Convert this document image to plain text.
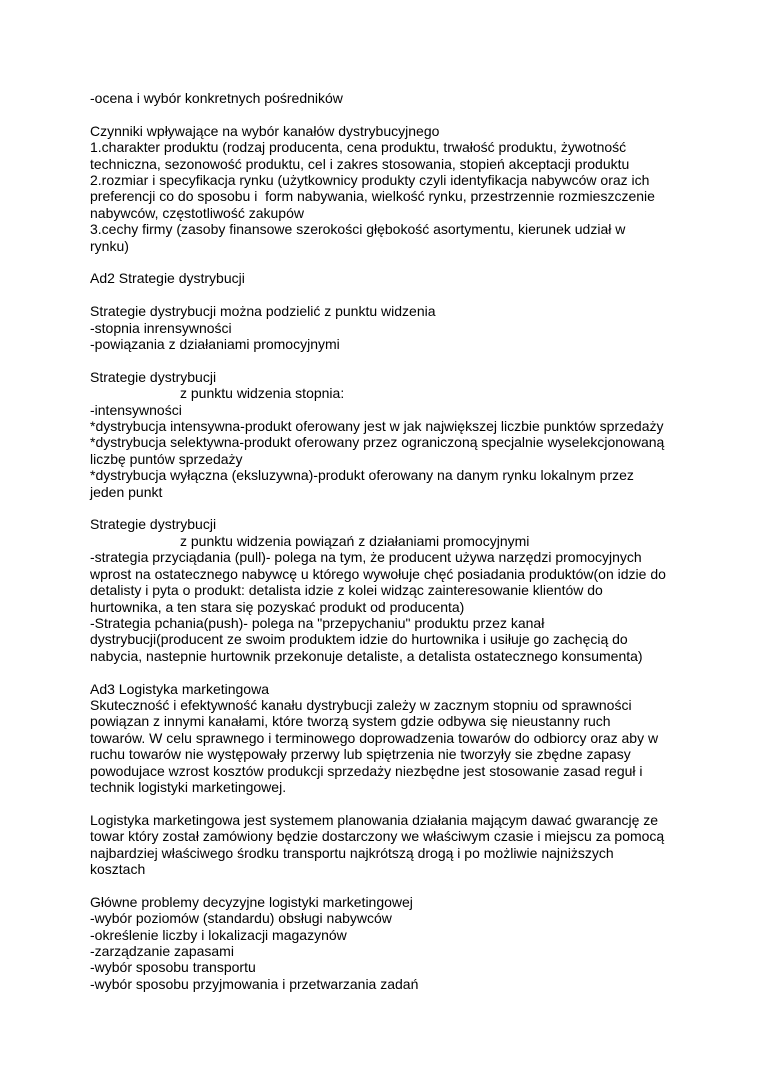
-ocena i wybór konkretnych pośredników

Czynniki wpływające na wybór kanałów dystrybucyjnego

1.charakter produktu (rodzaj producenta, cena produktu, trwałość produktu, żywotność

techniczna, sezonowość produktu, cel i zakres stosowania, stopień akceptacji produktu

2.rozmiar i specyfikacja rynku (użytkownicy produkty czyli identyfikacja nabywców oraz ich

preferencji co do sposobu i  form nabywania, wielkość rynku, przestrzennie rozmieszczenie

nabywców, częstotliwość zakupów

3.cechy firmy (zasoby finansowe szerokości głębokość asortymentu, kierunek udział w

rynku)

Ad2 Strategie dystrybucji

Strategie dystrybucji można podzielić z punktu widzenia

-stopnia inrensywności

-powiązania z działaniami promocyjnymi

Strategie dystrybucji

z punktu widzenia stopnia:

-intensywności

*dystrybucja intensywna-produkt oferowany jest w jak największej liczbie punktów sprzedaży

*dystrybucja selektywna-produkt oferowany przez ograniczoną specjalnie wyselekcjonowaną

liczbę puntów sprzedaży

*dystrybucja wyłączna (eksluzywna)-produkt oferowany na danym rynku lokalnym przez

jeden punkt

Strategie dystrybucji

z punktu widzenia powiązań z działaniami promocyjnymi

-strategia przyciądania (pull)- polega na tym, że producent używa narzędzi promocyjnych

wprost na ostatecznego nabywcę u którego wywołuje chęć posiadania produktów(on idzie do

detalisty i pyta o produkt: detalista idzie z kolei widząc zainteresowanie klientów do

hurtownika, a ten stara się pozyskać produkt od producenta)

-Strategia pchania(push)- polega na "przepychaniu" produktu przez kanał

dystrybucji(producent ze swoim produktem idzie do hurtownika i usiłuje go zachęcią do

nabycia, nastepnie hurtownik przekonuje detaliste, a detalista ostatecznego konsumenta)

Ad3 Logistyka marketingowa

Skuteczność i efektywność kanału dystrybucji zależy w zacznym stopniu od sprawności

powiązan z innymi kanałami, które tworzą system gdzie odbywa się nieustanny ruch

towarów. W celu sprawnego i terminowego doprowadzenia towarów do odbiorcy oraz aby w

ruchu towarów nie występowały przerwy lub spiętrzenia nie tworzyły sie zbędne zapasy

powodujace wzrost kosztów produkcji sprzedaży niezbędne jest stosowanie zasad reguł i

technik logistyki marketingowej.

Logistyka marketingowa jest systemem planowania działania mającym dawać gwarancję ze

towar który został zamówiony będzie dostarczony we właściwym czasie i miejscu za pomocą

najbardziej właściwego środku transportu najkrótszą drogą i po możliwie najniższych

kosztach

Główne problemy decyzyjne logistyki marketingowej

-wybór poziomów (standardu) obsługi nabywców

-określenie liczby i lokalizacji magazynów

-zarządzanie zapasami

-wybór sposobu transportu

-wybór sposobu przyjmowania i przetwarzania zadań
